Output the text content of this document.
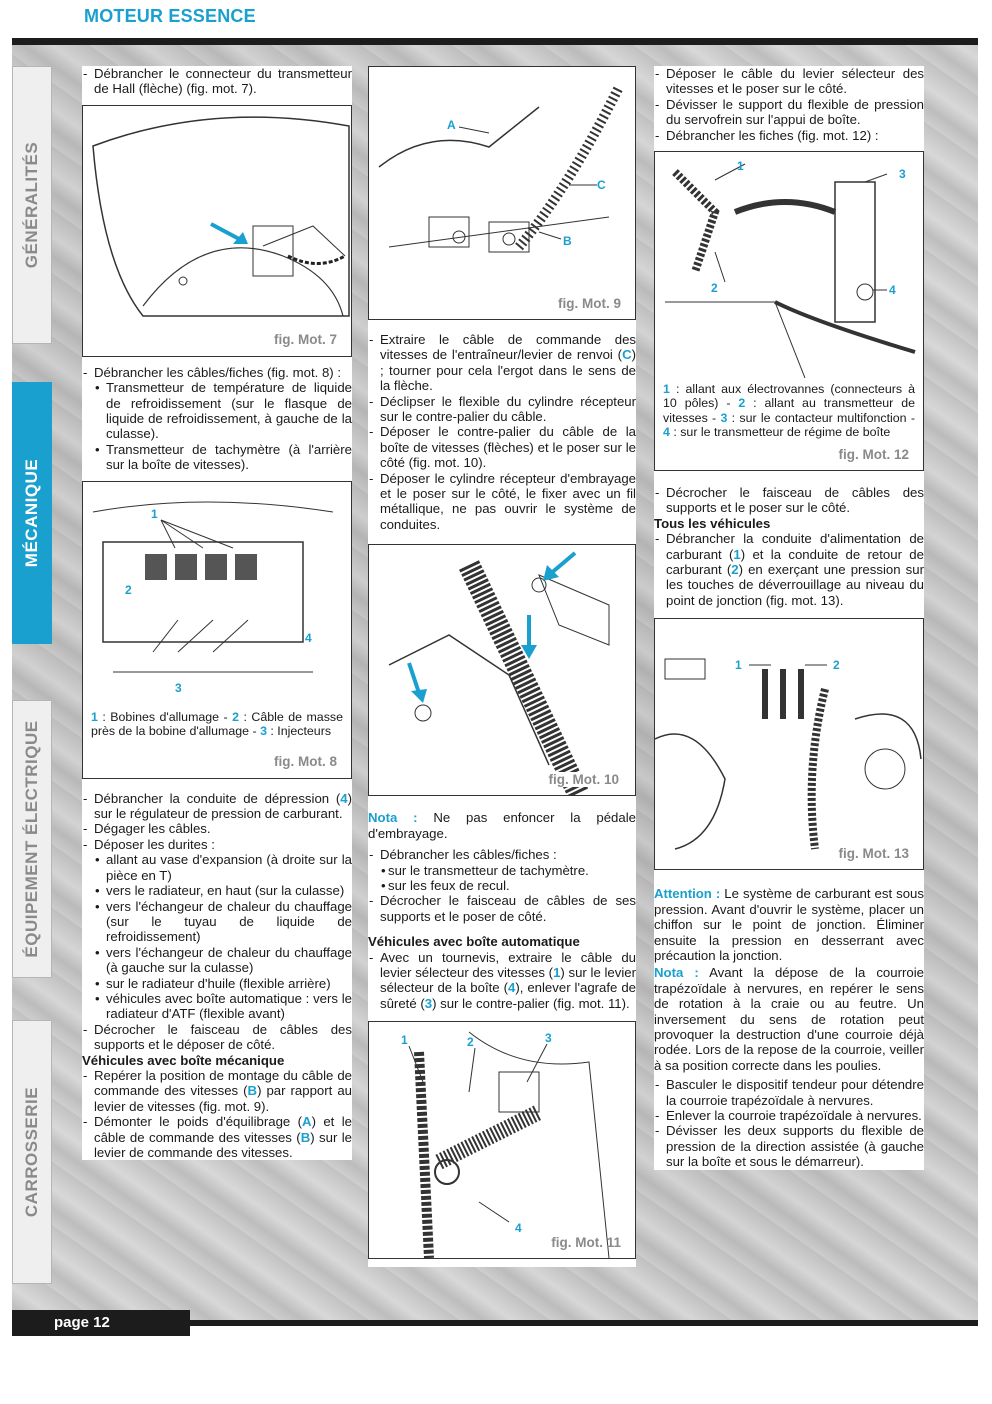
MOTEUR ESSENCE
GÉNÉRALITÉS
MÉCANIQUE
ÉQUIPEMENT ÉLECTRIQUE
CARROSSERIE

- Débrancher le connecteur du transmetteur de Hall (flèche) (fig. mot. 7).

fig. Mot. 7

- Débrancher les câbles/fiches (fig. mot. 8) :

• Transmetteur de température de liquide de refroidissement (sur le flasque de liquide de refroidissement, à gauche de la culasse).

• Transmetteur de tachymètre (à l'arrière sur la boîte de vitesses).

1
2
3
4
1 : Bobines d'allumage - 2 : Câble de masse près de la bobine d'allumage - 3 : Injecteurs
fig. Mot. 8

- Débrancher la conduite de dépression (4) sur le régulateur de pression de carburant.

- Dégager les câbles.

- Déposer les durites :

• allant au vase d'expansion (à droite sur la pièce en T)

• vers le radiateur, en haut (sur la culasse)

• vers l'échangeur de chaleur du chauffage (sur le tuyau de liquide de refroidissement)

• vers l'échangeur de chaleur du chauffage (à gauche sur la culasse)

• sur le radiateur d'huile (flexible arrière)

• véhicules avec boîte automatique : vers le radiateur d'ATF (flexible avant)

- Décrocher le faisceau de câbles des supports et le déposer de côté.

Véhicules avec boîte mécanique

- Repérer la position de montage du câble de commande des vitesses (B) par rapport au levier de vitesses (fig. mot. 9).

- Démonter le poids d'équilibrage (A) et le câble de commande des vitesses (B) sur le levier de commande des vitesses.

A
C
B
fig. Mot. 9

- Extraire le câble de commande des vitesses de l'entraîneur/levier de renvoi (C) ; tourner pour cela l'ergot dans le sens de la flèche.

- Déclipser le flexible du cylindre récepteur sur le contre-palier du câble.

- Déposer le contre-palier du câble de la boîte de vitesses (flèches) et le poser sur le côté (fig. mot. 10).

- Déposer le cylindre récepteur d'embrayage et le poser sur le côté, le fixer avec un fil métallique, ne pas ouvrir le système de conduites.

fig. Mot. 10

Nota : Ne pas enfoncer la pédale d'embrayage.

- Débrancher les câbles/fiches :

• sur le transmetteur de tachymètre.

• sur les feux de recul.

- Décrocher le faisceau de câbles de ses supports et le poser de côté.

Véhicules avec boîte automatique

- Avec un tournevis, extraire le câble du levier sélecteur des vitesses (1) sur le levier sélecteur de la boîte (4), enlever l'agrafe de sûreté (3) sur le contre-palier (fig. mot. 11).

1	2	3
4
fig. Mot. 11

- Déposer le câble du levier sélecteur des vitesses et le poser sur le côté.

- Dévisser le support du flexible de pression du servofrein sur l'appui de boîte.

- Débrancher les fiches (fig. mot. 12) :

1
3
2	4
1 : allant aux électrovannes (connecteurs à 10 pôles) - 2 : allant au transmetteur de vitesses - 3 : sur le contacteur multifonction - 4 : sur le transmetteur de régime de boîte
fig. Mot. 12

- Décrocher le faisceau de câbles des supports et le poser sur le côté.

Tous les véhicules

- Débrancher la conduite d'alimentation de carburant (1) et la conduite de retour de carburant (2) en exerçant une pression sur les touches de déverrouillage au niveau du point de jonction (fig. mot. 13).

1	2
fig. Mot. 13

Attention : Le système de carburant est sous pression. Avant d'ouvrir le système, placer un chiffon sur le point de jonction. Éliminer ensuite la pression en desserrant avec précaution la jonction.

Nota : Avant la dépose de la courroie trapézoïdale à nervures, en repérer le sens de rotation à la craie ou au feutre. Un inversement du sens de rotation peut provoquer la destruction d'une courroie déjà rodée. Lors de la repose de la courroie, veiller à sa position correcte dans les poulies.

- Basculer le dispositif tendeur pour détendre la courroie trapézoïdale à nervures.

- Enlever la courroie trapézoïdale à nervures.

- Dévisser les deux supports du flexible de pression de la direction assistée (à gauche sur la boîte et sous le démarreur).

page 12
